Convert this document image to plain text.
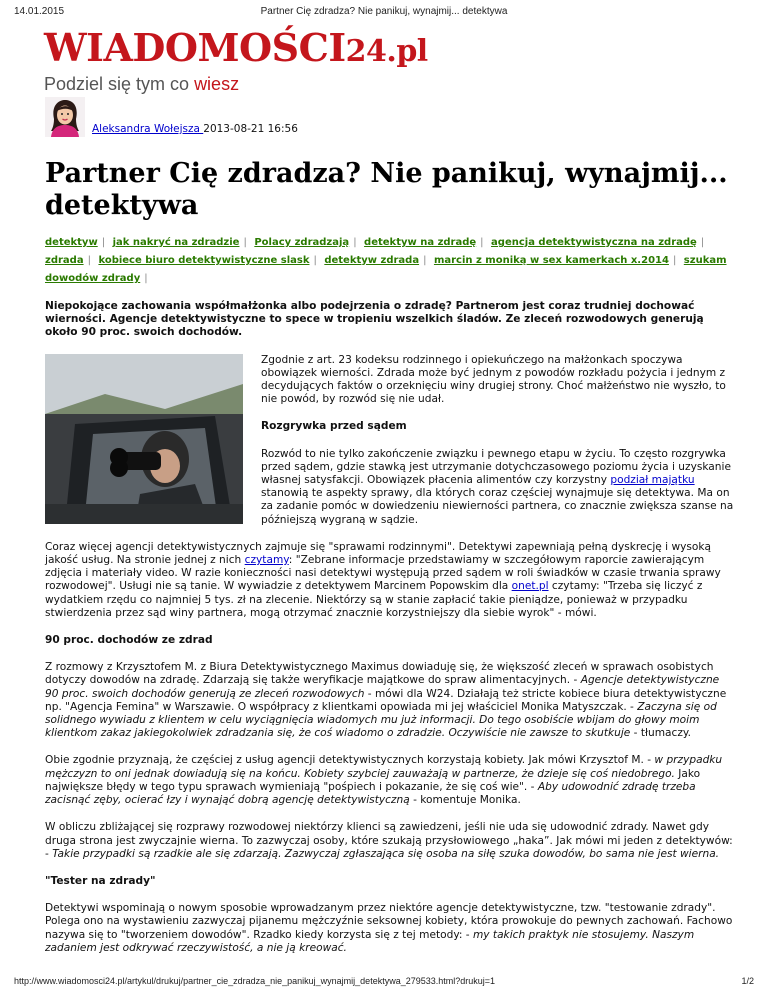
14.01.2015	Partner Cię zdradza? Nie panikuj, wynajmij... detektywa
WIADOMOŚCI24.pl
Podziel się tym co wiesz
Aleksandra Wołejsza 2013-08-21 16:56
Partner Cię zdradza? Nie panikuj, wynajmij... detektywa
detektyw | jak nakryć na zdradzie | Polacy zdradzają | detektyw na zdradę | agencja detektywistyczna na zdradę | zdrada | kobiece biuro detektywistyczne slask | detektyw zdrada | marcin z moniką w sex kamerkach x.2014 | szukam dowodów zdrady |

Niepokojące zachowania współmałżonka albo podejrzenia o zdradę? Partnerom jest coraz trudniej dochować wierności. Agencje detektywistyczne to spece w tropieniu wszelkich śladów. Ze zleceń rozwodowych generują około 90 proc. swoich dochodów.

Zgodnie z art. 23 kodeksu rodzinnego i opiekuńczego na małżonkach spoczywa obowiązek wierności. Zdrada może być jednym z powodów rozkładu pożycia i jednym z decydujących faktów o orzeknięciu winy drugiej strony. Choć małżeństwo nie wyszło, to nie powód, by rozwód się nie udał.

Rozgrywka przed sądem

Rozwód to nie tylko zakończenie związku i pewnego etapu w życiu. To często rozgrywka przed sądem, gdzie stawką jest utrzymanie dotychczasowego poziomu życia i uzyskanie własnej satysfakcji. Obowiązek płacenia alimentów czy korzystny podział majątku stanowią te aspekty sprawy, dla których coraz częściej wynajmuje się detektywa. Ma on za zadanie pomóc w dowiedzeniu niewierności partnera, co znacznie zwiększa szanse na późniejszą wygraną w sądzie.

Coraz więcej agencji detektywistycznych zajmuje się "sprawami rodzinnymi". Detektywi zapewniają pełną dyskrecję i wysoką jakość usług. Na stronie jednej z nich czytamy: "Zebrane informacje przedstawiamy w szczegółowym raporcie zawierającym zdjęcia i materiały video. W razie konieczności nasi detektywi występują przed sądem w roli świadków w czasie trwania sprawy rozwodowej". Usługi nie są tanie. W wywiadzie z detektywem Marcinem Popowskim dla onet.pl czytamy: "Trzeba się liczyć z wydatkiem rzędu co najmniej 5 tys. zł na zlecenie. Niektórzy są w stanie zapłacić takie pieniądze, ponieważ w przypadku stwierdzenia przez sąd winy partnera, mogą otrzymać znacznie korzystniejszy dla siebie wyrok" - mówi.

90 proc. dochodów ze zdrad

Z rozmowy z Krzysztofem M. z Biura Detektywistycznego Maximus dowiaduję się, że większość zleceń w sprawach osobistych dotyczy dowodów na zdradę. Zdarzają się także weryfikacje majątkowe do spraw alimentacyjnych. - Agencje detektywistyczne 90 proc. swoich dochodów generują ze zleceń rozwodowych - mówi dla W24. Działają też stricte kobiece biura detektywistyczne np. "Agencja Femina" w Warszawie. O współpracy z klientkami opowiada mi jej właściciel Monika Matyszczak. - Zaczyna się od solidnego wywiadu z klientem w celu wyciągnięcia wiadomych mu już informacji. Do tego osobiście wbijam do głowy moim klientkom zakaz jakiegokolwiek zdradzania się, że coś wiadomo o zdradzie. Oczywiście nie zawsze to skutkuje - tłumaczy.

Obie zgodnie przyznają, że częściej z usług agencji detektywistycznych korzystają kobiety. Jak mówi Krzysztof M. - w przypadku mężczyzn to oni jednak dowiadują się na końcu. Kobiety szybciej zauważają w partnerze, że dzieje się coś niedobrego. Jako największe błędy w tego typu sprawach wymieniają "pośpiech i pokazanie, że się coś wie". - Aby udowodnić zdradę trzeba zacisnąć zęby, ocierać łzy i wynająć dobrą agencję detektywistyczną - komentuje Monika.

W obliczu zbliżającej się rozprawy rozwodowej niektórzy klienci są zawiedzeni, jeśli nie uda się udowodnić zdrady. Nawet gdy druga strona jest zwyczajnie wierna. To zazwyczaj osoby, które szukają przysłowiowego „haka”. Jak mówi mi jeden z detektywów: - Takie przypadki są rzadkie ale się zdarzają. Zazwyczaj zgłaszająca się osoba na siłę szuka dowodów, bo sama nie jest wierna.

"Tester na zdrady"

Detektywi wspominają o nowym sposobie wprowadzanym przez niektóre agencje detektywistyczne, tzw. "testowanie zdrady". Polega ono na wystawieniu zazwyczaj pijanemu mężczyźnie seksownej kobiety, która prowokuje do pewnych zachowań. Fachowo nazywa się to "tworzeniem dowodów". Rzadko kiedy korzysta się z tej metody: - my takich praktyk nie stosujemy. Naszym zadaniem jest odkrywać rzeczywistość, a nie ją kreować.

http://www.wiadomosci24.pl/artykul/drukuj/partner_cie_zdradza_nie_panikuj_wynajmij_detektywa_279533.html?drukuj=1	1/2
